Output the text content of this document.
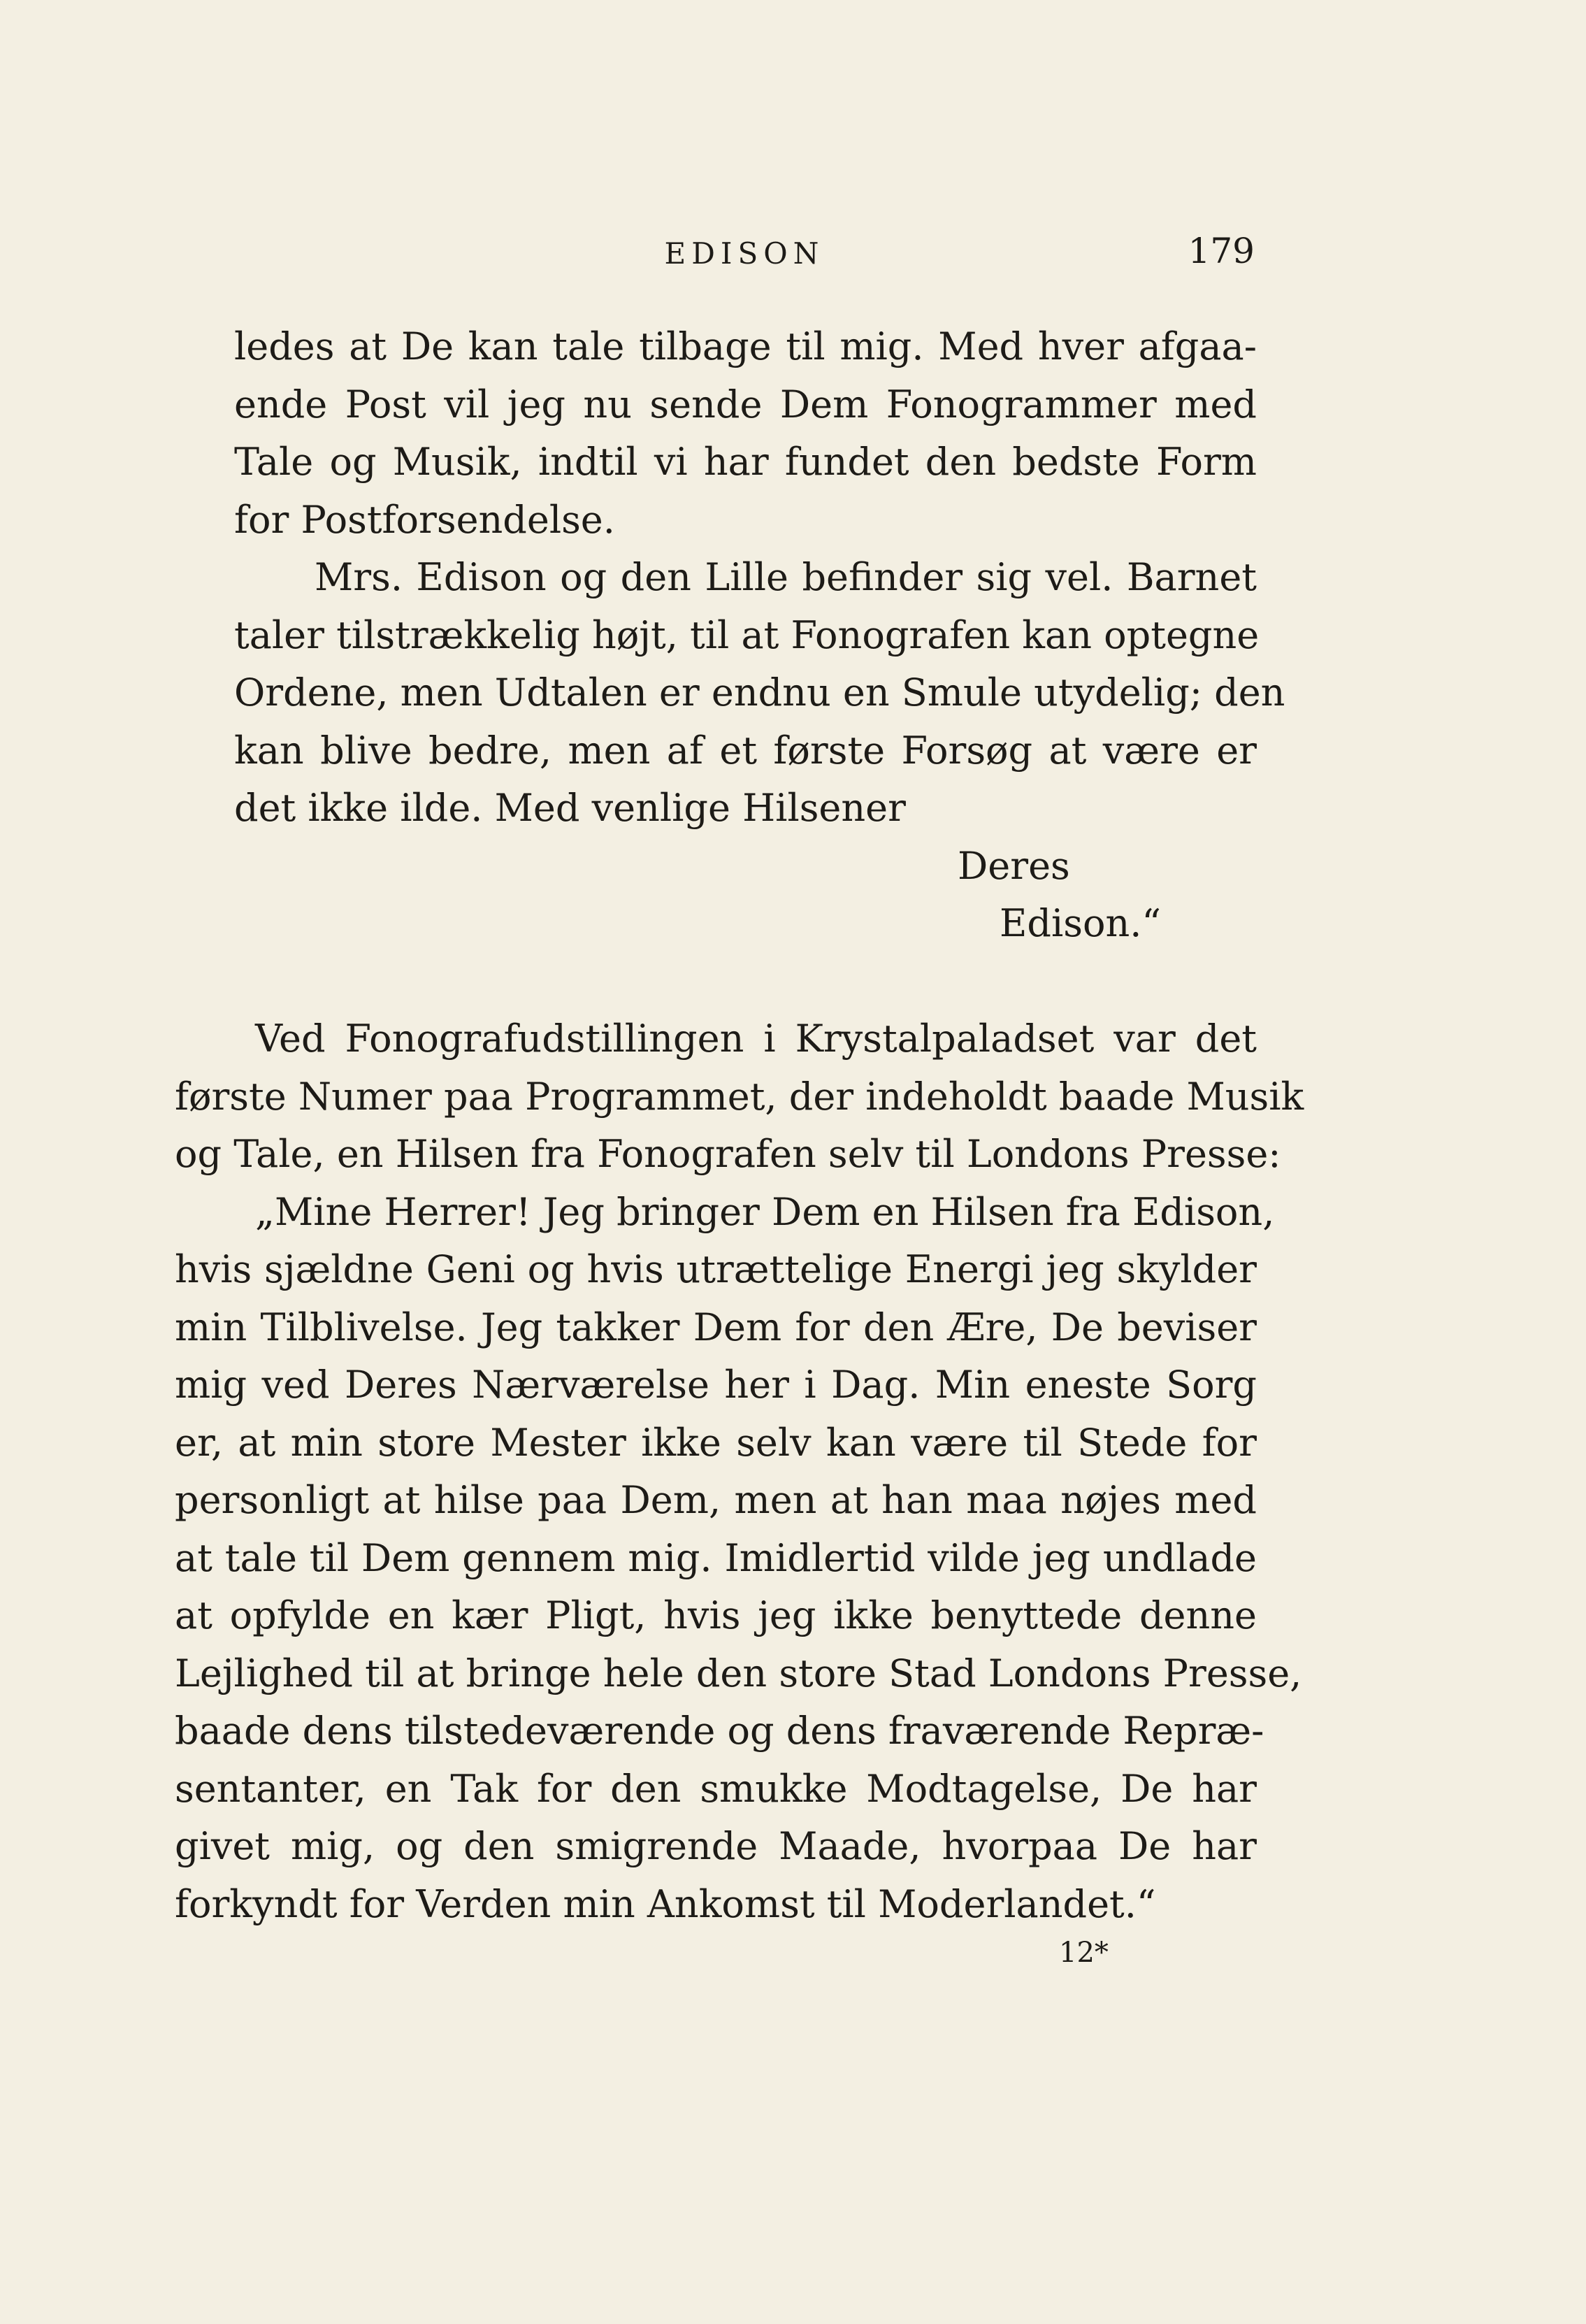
EDISON	179
ledes at De kan tale tilbage til mig. Med hver afgaa-
ende Post vil jeg nu sende Dem Fonogrammer med
Tale og Musik, indtil vi har fundet den bedste Form
for Postforsendelse.
Mrs. Edison og den Lille befinder sig vel. Barnet
taler tilstrækkelig højt, til at Fonografen kan optegne
Ordene, men Udtalen er endnu en Smule utydelig; den
kan blive bedre, men af et første Forsøg at være er
det ikke ilde. Med venlige Hilsener
Deres
Edison.“
Ved Fonografudstillingen i Krystalpaladset var det
første Numer paa Programmet, der indeholdt baade Musik
og Tale, en Hilsen fra Fonografen selv til Londons Presse:
„Mine Herrer! Jeg bringer Dem en Hilsen fra Edison,
hvis sjældne Geni og hvis utrættelige Energi jeg skylder
min Tilblivelse. Jeg takker Dem for den Ære, De beviser
mig ved Deres Nærværelse her i Dag. Min eneste Sorg
er, at min store Mester ikke selv kan være til Stede for
personligt at hilse paa Dem, men at han maa nøjes med
at tale til Dem gennem mig. Imidlertid vilde jeg undlade
at opfylde en kær Pligt, hvis jeg ikke benyttede denne
Lejlighed til at bringe hele den store Stad Londons Presse,
baade dens tilstedeværende og dens fraværende Repræ-
sentanter, en Tak for den smukke Modtagelse, De har
givet mig, og den smigrende Maade, hvorpaa De har
forkyndt for Verden min Ankomst til Moderlandet.“
12*
